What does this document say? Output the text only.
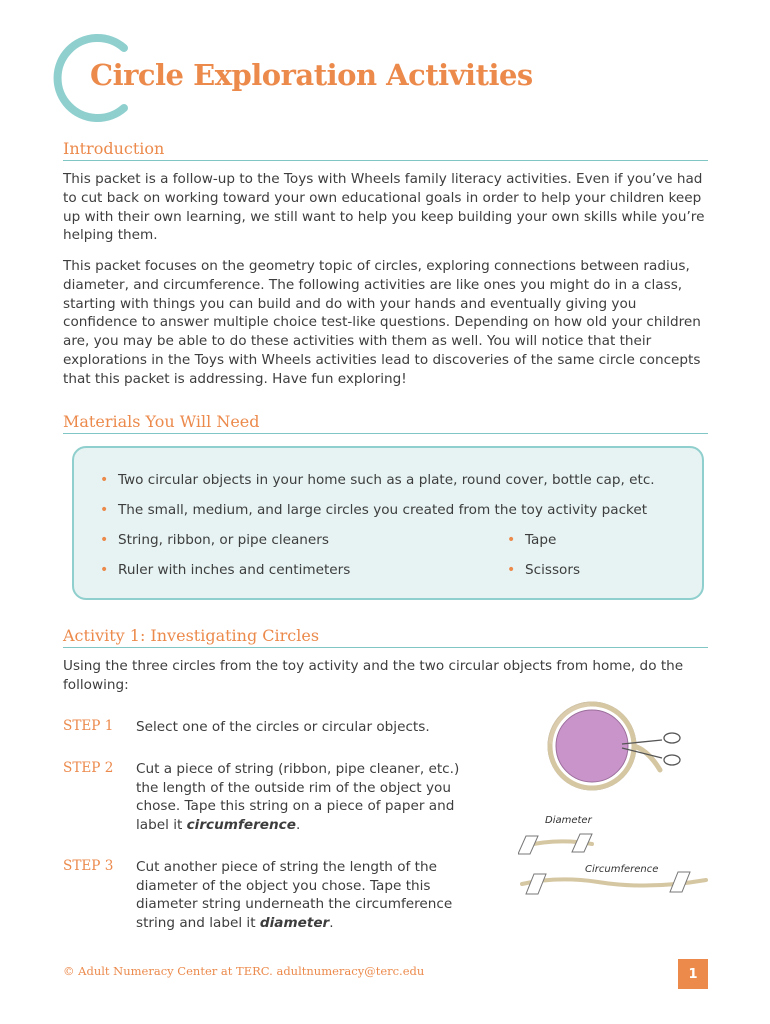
Circle Exploration Activities
Introduction

This packet is a follow-up to the Toys with Wheels family literacy activities. Even if you’ve had to cut back on working toward your own educational goals in order to help your children keep up with their own learning, we still want to help you keep building your own skills while you’re helping them.

This packet focuses on the geometry topic of circles, exploring connections between radius, diameter, and circumference. The following activities are like ones you might do in a class, starting with things you can build and do with your hands and eventually giving you confidence to answer multiple choice test-like questions. Depending on how old your children are, you may be able to do these activities with them as well. You will notice that their explorations in the Toys with Wheels activities lead to discoveries of the same circle concepts that this packet is addressing. Have fun exploring!

Materials You Will Need
• Two circular objects in your home such as a plate, round cover, bottle cap, etc.
• The small, medium, and large circles you created from the toy activity packet
• String, ribbon, or pipe cleaners	• Tape
• Ruler with inches and centimeters	• Scissors
Activity 1: Investigating Circles

Using the three circles from the toy activity and the two circular objects from home, do the following:

STEP 1 Select one of the circles or circular objects.

STEP 2 Cut a piece of string (ribbon, pipe cleaner, etc.) the length of the outside rim of the object you chose. Tape this string on a piece of paper and label it circumference.

STEP 3 Cut another piece of string the length of the diameter of the object you chose. Tape this diameter string underneath the circumference string and label it diameter.

Diameter
Circumference
© Adult Numeracy Center at TERC. adultnumeracy@terc.edu	1
